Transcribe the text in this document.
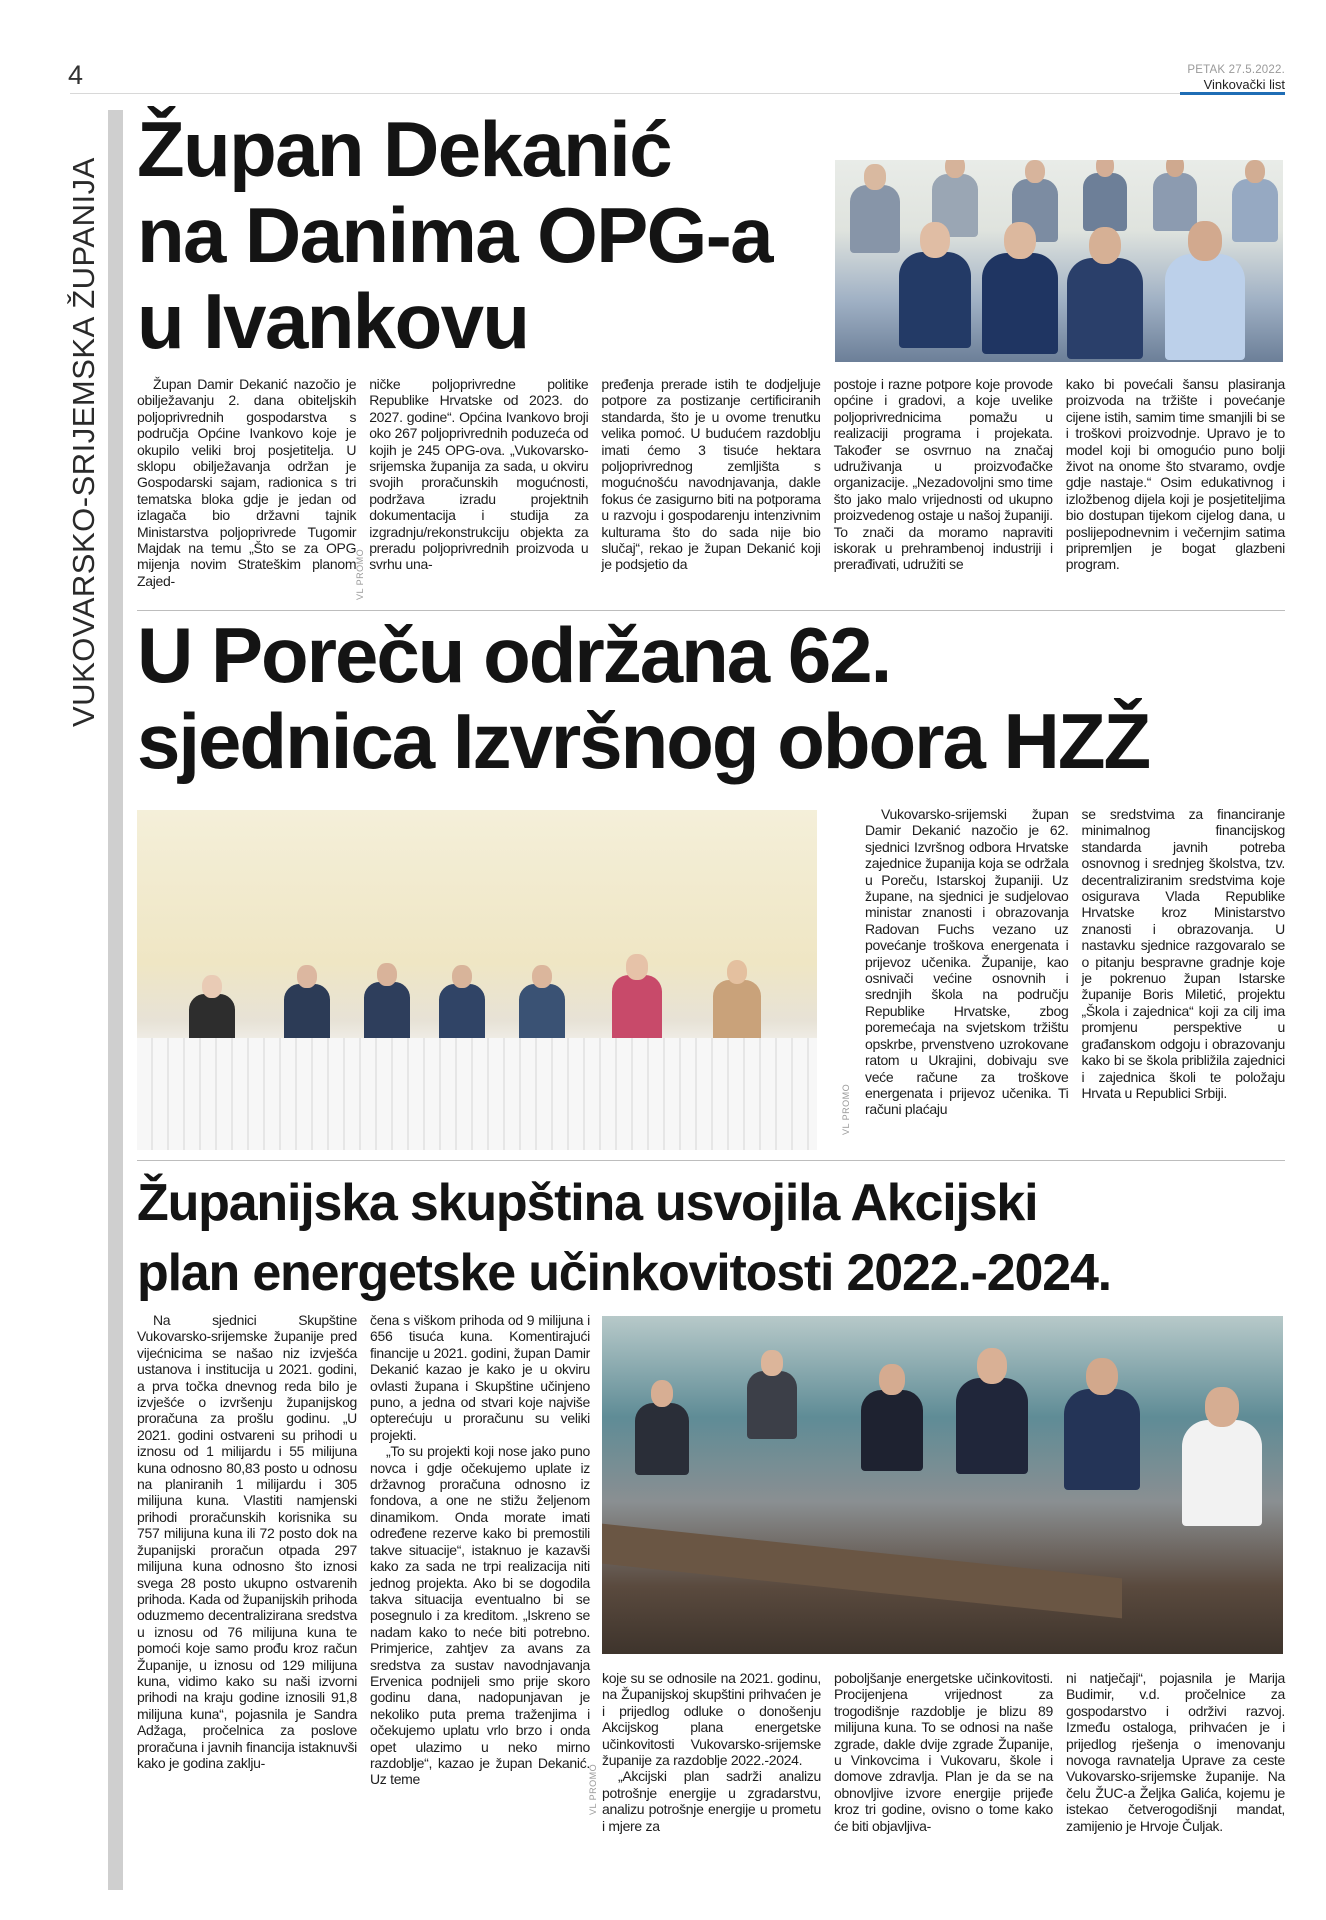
4	PETAK 27.5.2022.
Vinkovački list
VUKOVARSKO-SRIJEMSKA ŽUPANIJA
Župan Dekanić
na Danima OPG-a
u Ivankovu

Župan Damir Dekanić nazočio je obilježavanju 2. dana obiteljskih poljoprivrednih gospodarstva s područja Općine Ivankovo koje je okupilo veliki broj posjetitelja. U sklopu obilježavanja održan je Gospodarski sajam, radionica s tri tematska bloka gdje je jedan od izlagača bio državni tajnik Ministarstva poljoprivrede Tugomir Majdak na temu „Što se za OPG mijenja novim Strateškim planom Zajed-

ničke poljoprivredne politike Republike Hrvatske od 2023. do 2027. godine“. Općina Ivankovo broji oko 267 poljoprivrednih poduzeća od kojih je 245 OPG-ova. „Vukovarsko-srijemska županija za sada, u okviru svojih proračunskih mogućnosti, podržava izradu projektnih dokumentacija i studija za izgradnju/rekonstrukciju objekta za preradu poljoprivrednih proizvoda u svrhu una-

pređenja prerade istih te dodjeljuje potpore za postizanje certificiranih standarda, što je u ovome trenutku velika pomoć. U budućem razdoblju imati ćemo 3 tisuće hektara poljoprivrednog zemljišta s mogućnošću navodnjavanja, dakle fokus će zasigurno biti na potporama u razvoju i gospodarenju intenzivnim kulturama što do sada nije bio slučaj“, rekao je župan Dekanić koji je podsjetio da

postoje i razne potpore koje provode općine i gradovi, a koje uvelike poljoprivrednicima pomažu u realizaciji programa i projekata. Također se osvrnuo na značaj udruživanja u proizvođačke organizacije. „Nezadovoljni smo time što jako malo vrijednosti od ukupno proizvedenog ostaje u našoj županiji. To znači da moramo napraviti iskorak u prehrambenoj industriji i prerađivati, udružiti se

kako bi povećali šansu plasiranja proizvoda na tržište i povećanje cijene istih, samim time smanjili bi se i troškovi proizvodnje. Upravo je to model koji bi omogućio puno bolji život na onome što stvaramo, ovdje gdje nastaje.“ Osim edukativnog i izložbenog dijela koji je posjetiteljima bio dostupan tijekom cijelog dana, u poslijepodnevnim i večernjim satima pripremljen je bogat glazbeni program.

VL PROMO
U Poreču održana 62.
sjednica Izvršnog obora HZŽ
VL PROMO

Vukovarsko-srijemski župan Damir Dekanić nazočio je 62. sjednici Izvršnog odbora Hrvatske zajednice županija koja se održala u Poreču, Istarskoj županiji. Uz župane, na sjednici je sudjelovao ministar znanosti i obrazovanja Radovan Fuchs vezano uz povećanje troškova energenata i prijevoz učenika. Županije, kao osnivači većine osnovnih i srednjih škola na području Republike Hrvatske, zbog poremećaja na svjetskom tržištu opskrbe, prvenstveno uzrokovane ratom u Ukrajini, dobivaju sve veće račune za troškove energenata i prijevoz učenika. Ti računi plaćaju

se sredstvima za financiranje minimalnog financijskog standarda javnih potreba osnovnog i srednjeg školstva, tzv. decentraliziranim sredstvima koje osigurava Vlada Republike Hrvatske kroz Ministarstvo znanosti i obrazovanja. U nastavku sjednice razgovaralo se o pitanju bespravne gradnje koje je pokrenuo župan Istarske županije Boris Miletić, projektu „Škola i zajednica“ koji za cilj ima promjenu perspektive u građanskom odgoju i obrazovanju kako bi se škola približila zajednici i zajednica školi te položaju Hrvata u Republici Srbiji.

Županijska skupština usvojila Akcijski
plan energetske učinkovitosti 2022.-2024.

Na sjednici Skupštine Vukovarsko-srijemske županije pred vijećnicima se našao niz izvješća ustanova i institucija u 2021. godini, a prva točka dnevnog reda bilo je izvješće o izvršenju županijskog proračuna za prošlu godinu. „U 2021. godini ostvareni su prihodi u iznosu od 1 milijardu i 55 milijuna kuna odnosno 80,83 posto u odnosu na planiranih 1 milijardu i 305 milijuna kuna. Vlastiti namjenski prihodi proračunskih korisnika su 757 milijuna kuna ili 72 posto dok na županijski proračun otpada 297 milijuna kuna odnosno što iznosi svega 28 posto ukupno ostvarenih prihoda. Kada od županijskih prihoda oduzmemo decentralizirana sredstva u iznosu od 76 milijuna kuna te pomoći koje samo prođu kroz račun Županije, u iznosu od 129 milijuna kuna, vidimo kako su naši izvorni prihodi na kraju godine iznosili 91,8 milijuna kuna“, pojasnila je Sandra Adžaga, pročelnica za poslove proračuna i javnih financija istaknuvši kako je godina zaklju-

čena s viškom prihoda od 9 milijuna i 656 tisuća kuna. Komentirajući financije u 2021. godini, župan Damir Dekanić kazao je kako je u okviru ovlasti župana i Skupštine učinjeno puno, a jedna od stvari koje najviše opterećuju u proračunu su veliki projekti.

„To su projekti koji nose jako puno novca i gdje očekujemo uplate iz državnog proračuna odnosno iz fondova, a one ne stižu željenom dinamikom. Onda morate imati određene rezerve kako bi premostili takve situacije“, istaknuo je kazavši kako za sada ne trpi realizacija niti jednog projekta. Ako bi se dogodila takva situacija eventualno bi se posegnulo i za kreditom. „Iskreno se nadam kako to neće biti potrebno. Primjerice, zahtjev za avans za sredstva za sustav navodnjavanja Ervenica podnijeli smo prije skoro godinu dana, nadopunjavan je nekoliko puta prema traženjima i očekujemo uplatu vrlo brzo i onda opet ulazimo u neko mirno razdoblje“, kazao je župan Dekanić. Uz teme	VL PROMO

koje su se odnosile na 2021. godinu, na Županijskoj skupštini prihvaćen je i prijedlog odluke o donošenju Akcijskog plana energetske učinkovitosti Vukovarsko-srijemske županije za razdoblje 2022.-2024.

„Akcijski plan sadrži analizu potrošnje energije u zgradarstvu, analizu potrošnje energije u prometu i mjere za

poboljšanje energetske učinkovitosti. Procijenjena vrijednost za trogodišnje razdoblje je blizu 89 milijuna kuna. To se odnosi na naše zgrade, dakle dvije zgrade Županije, u Vinkovcima i Vukovaru, škole i domove zdravlja. Plan je da se na obnovljive izvore energije prijeđe kroz tri godine, ovisno o tome kako će biti objavljiva-

ni natječaji“, pojasnila je Marija Budimir, v.d. pročelnice za gospodarstvo i održivi razvoj. Između ostaloga, prihvaćen je i prijedlog rješenja o imenovanju novoga ravnatelja Uprave za ceste Vukovarsko-srijemske županije. Na čelu ŽUC-a Željka Galića, kojemu je istekao četverogodišnji mandat, zamijenio je Hrvoje Čuljak.
